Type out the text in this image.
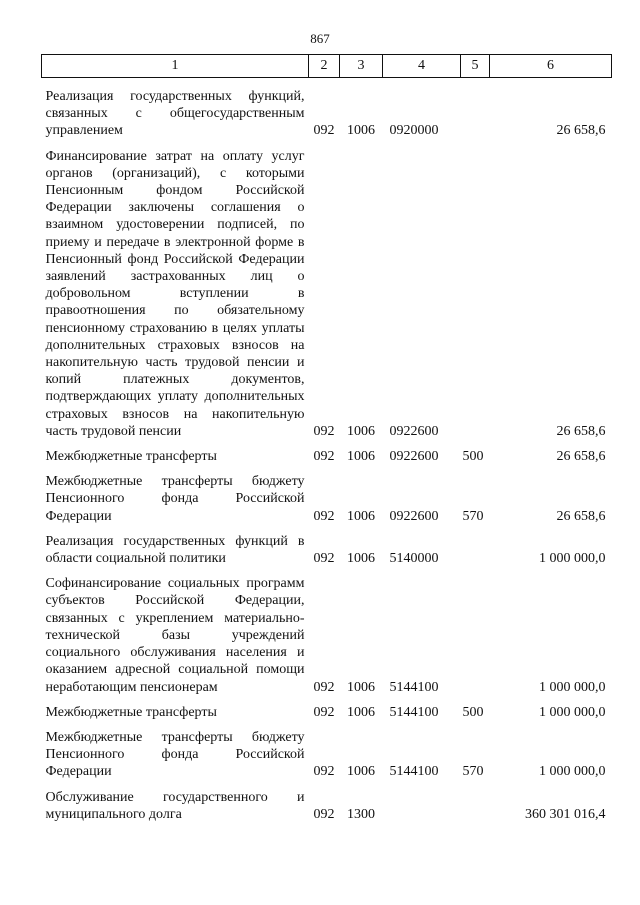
867
1	2	3	4	5	6
Реализация государственных функций, связанных с общегосударственным управлением	092	1006	0920000		26 658,6
Финансирование затрат на оплату услуг органов (организаций), с которыми Пенсионным фондом Российской Федерации заключены соглашения о взаимном удостоверении подписей, по приему и передаче в электронной форме в Пенсионный фонд Российской Федерации заявлений застрахованных лиц о добровольном вступлении в правоотношения по обязательному пенсионному страхованию в целях уплаты дополнительных страховых взносов на накопительную часть трудовой пенсии и копий платежных документов, подтверждающих уплату дополнительных страховых взносов на накопительную часть трудовой пенсии	092	1006	0922600		26 658,6
Межбюджетные трансферты	092	1006	0922600	500	26 658,6
Межбюджетные трансферты бюджету Пенсионного фонда Российской Федерации	092	1006	0922600	570	26 658,6
Реализация государственных функций в области социальной политики	092	1006	5140000		1 000 000,0
Софинансирование социальных программ субъектов Российской Федерации, связанных с укреплением материально-технической базы учреждений социального обслуживания населения и оказанием адресной социальной помощи неработающим пенсионерам	092	1006	5144100		1 000 000,0
Межбюджетные трансферты	092	1006	5144100	500	1 000 000,0
Межбюджетные трансферты бюджету Пенсионного фонда Российской Федерации	092	1006	5144100	570	1 000 000,0
Обслуживание государственного и муниципального долга	092	1300			360 301 016,4
